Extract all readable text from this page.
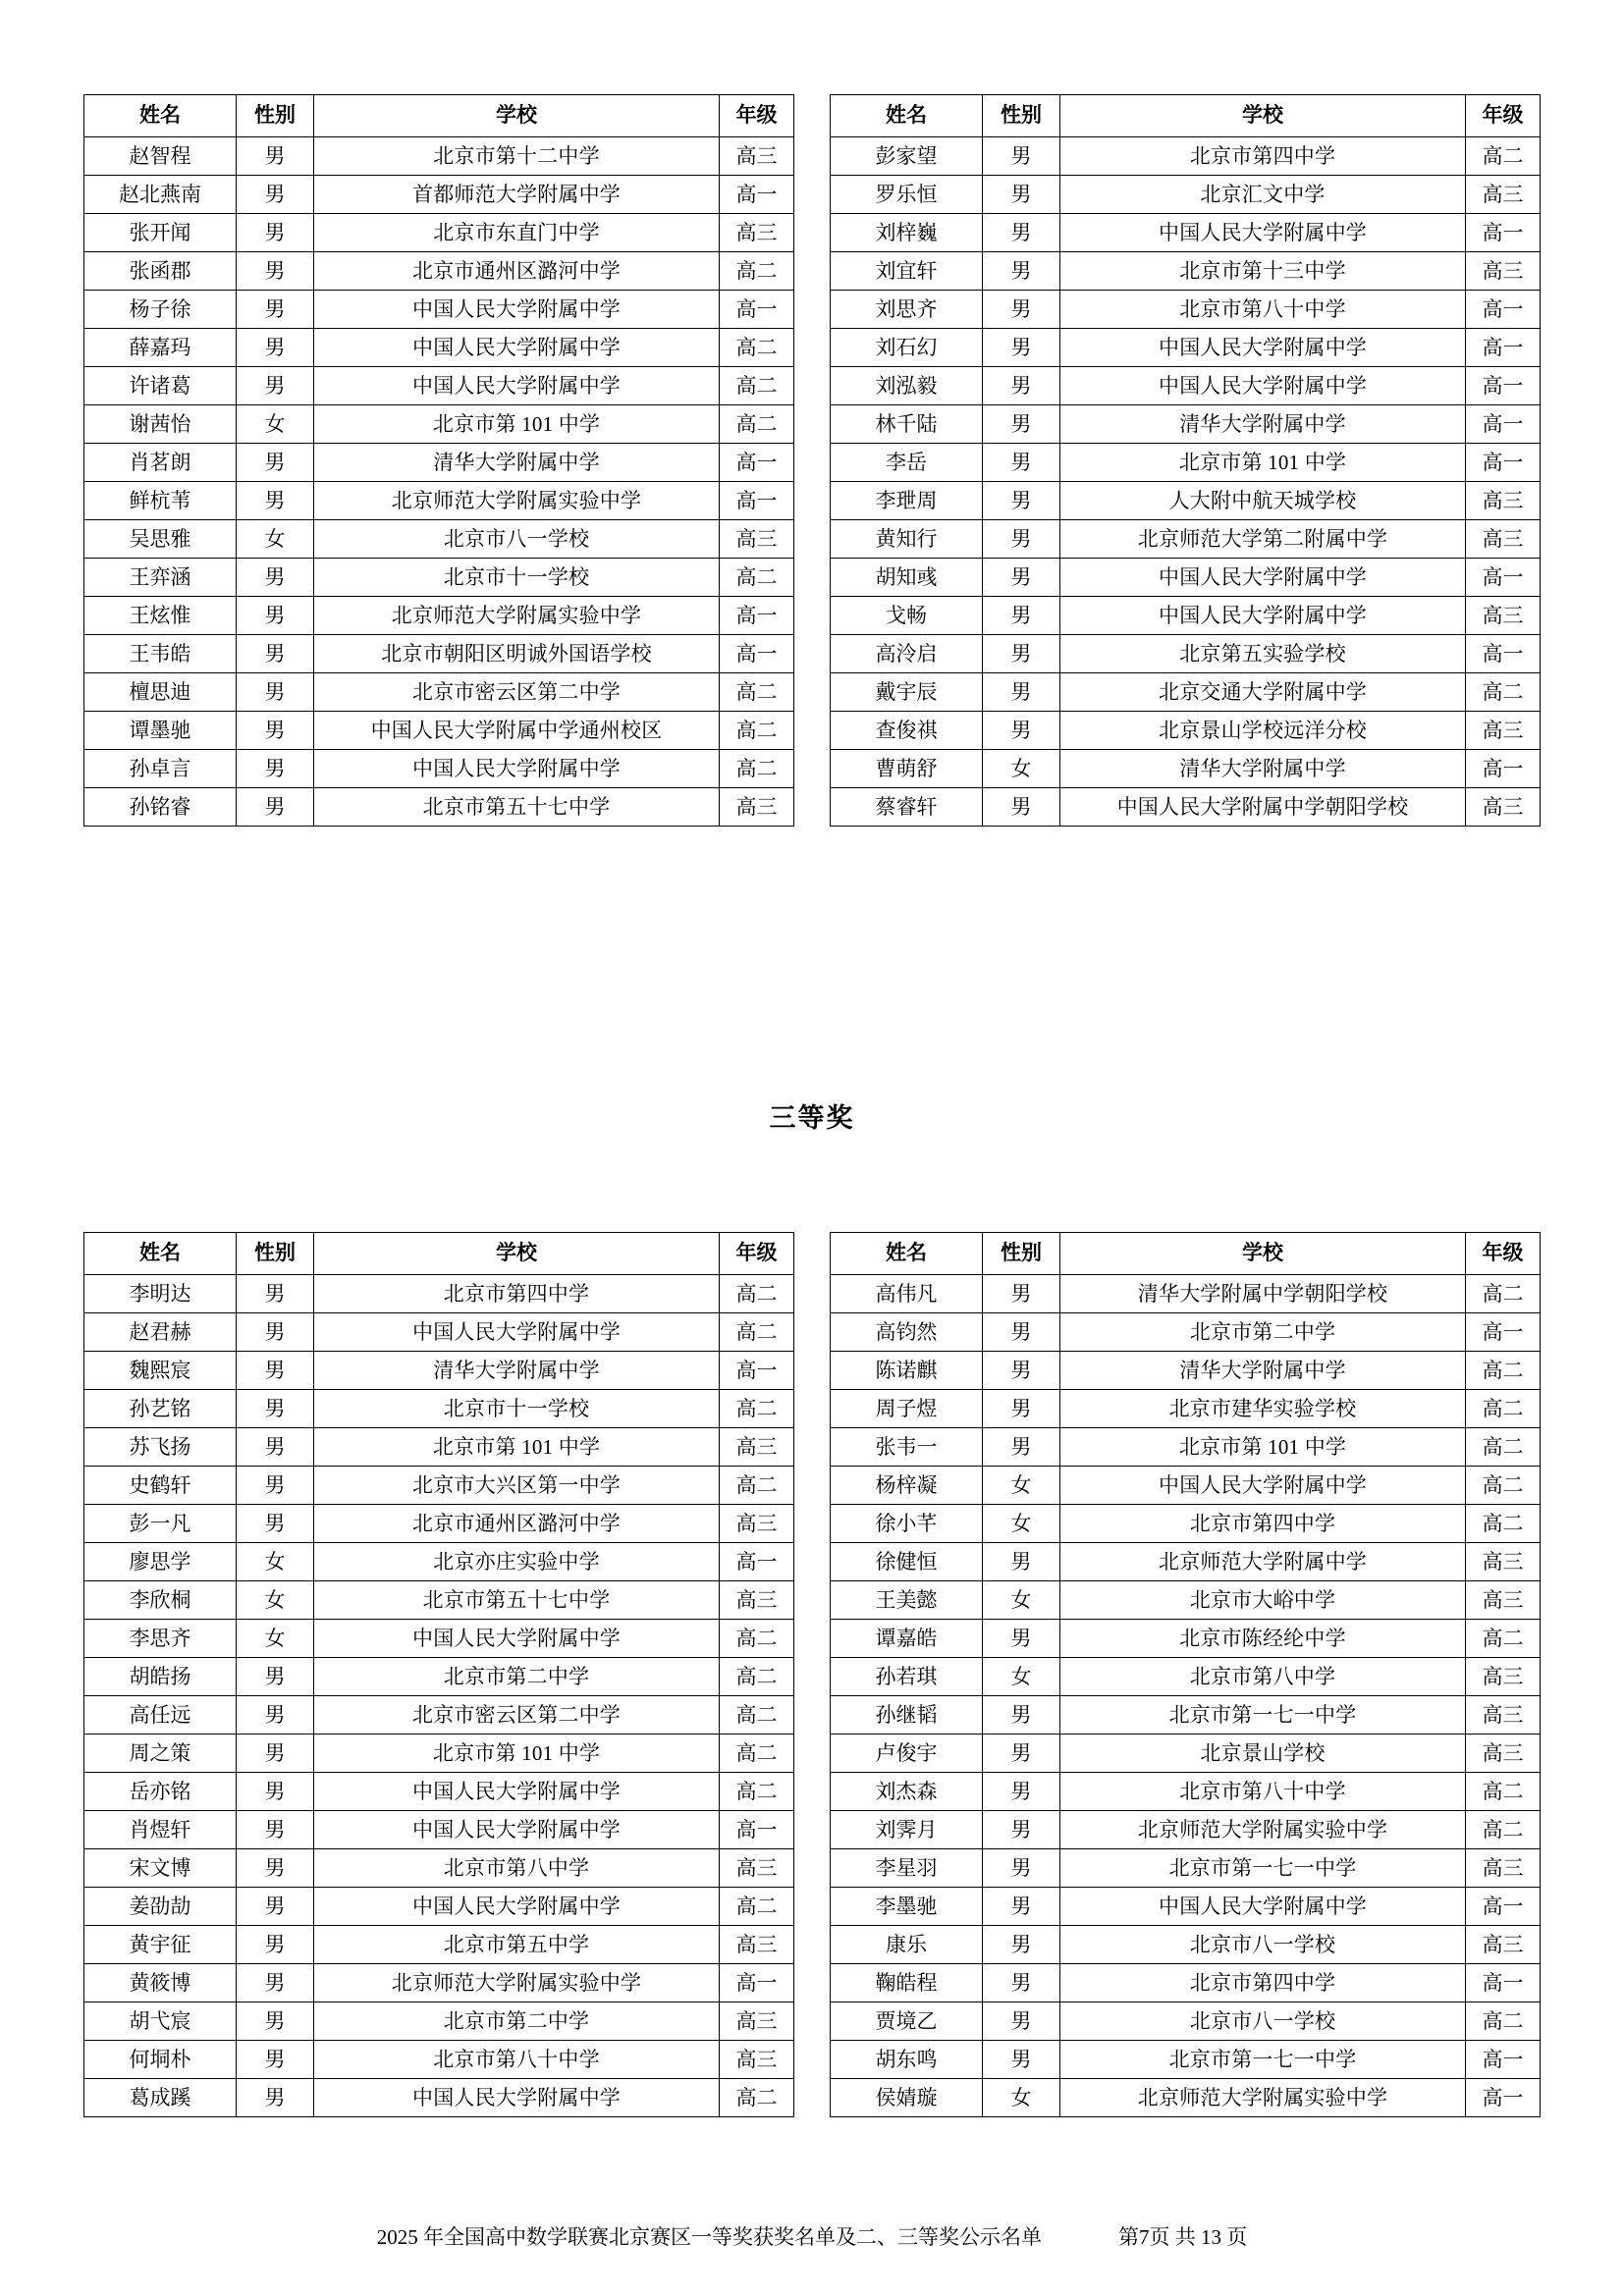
姓名	性别	学校	年级
赵智程	男	北京市第十二中学	高三
赵北燕南	男	首都师范大学附属中学	高一
张开闻	男	北京市东直门中学	高三
张函郡	男	北京市通州区潞河中学	高二
杨子徐	男	中国人民大学附属中学	高一
薛嘉玛	男	中国人民大学附属中学	高二
许诸葛	男	中国人民大学附属中学	高二
谢茜怡	女	北京市第 101 中学	高二
肖茗朗	男	清华大学附属中学	高一
鲜杭苇	男	北京师范大学附属实验中学	高一
吴思雅	女	北京市八一学校	高三
王弈涵	男	北京市十一学校	高二
王炫惟	男	北京师范大学附属实验中学	高一
王韦皓	男	北京市朝阳区明诚外国语学校	高一
檀思迪	男	北京市密云区第二中学	高二
谭墨驰	男	中国人民大学附属中学通州校区	高二
孙卓言	男	中国人民大学附属中学	高二
孙铭睿	男	北京市第五十七中学	高三
姓名	性别	学校	年级
彭家望	男	北京市第四中学	高二
罗乐恒	男	北京汇文中学	高三
刘梓巍	男	中国人民大学附属中学	高一
刘宜轩	男	北京市第十三中学	高三
刘思齐	男	北京市第八十中学	高一
刘石幻	男	中国人民大学附属中学	高一
刘泓毅	男	中国人民大学附属中学	高一
林千陆	男	清华大学附属中学	高一
李岳	男	北京市第 101 中学	高一
李玴周	男	人大附中航天城学校	高三
黄知行	男	北京师范大学第二附属中学	高三
胡知彧	男	中国人民大学附属中学	高一
戈畅	男	中国人民大学附属中学	高三
高泠启	男	北京第五实验学校	高一
戴宇辰	男	北京交通大学附属中学	高二
查俊祺	男	北京景山学校远洋分校	高三
曹萌舒	女	清华大学附属中学	高一
蔡睿轩	男	中国人民大学附属中学朝阳学校	高三
三等奖
姓名	性别	学校	年级
李明达	男	北京市第四中学	高二
赵君赫	男	中国人民大学附属中学	高二
魏熙宸	男	清华大学附属中学	高一
孙艺铭	男	北京市十一学校	高二
苏飞扬	男	北京市第 101 中学	高三
史鹤轩	男	北京市大兴区第一中学	高二
彭一凡	男	北京市通州区潞河中学	高三
廖思学	女	北京亦庄实验中学	高一
李欣桐	女	北京市第五十七中学	高三
李思齐	女	中国人民大学附属中学	高二
胡皓扬	男	北京市第二中学	高二
高任远	男	北京市密云区第二中学	高二
周之策	男	北京市第 101 中学	高二
岳亦铭	男	中国人民大学附属中学	高二
肖煜轩	男	中国人民大学附属中学	高一
宋文博	男	北京市第八中学	高三
姜劭劼	男	中国人民大学附属中学	高二
黄宇征	男	北京市第五中学	高三
黄筱博	男	北京师范大学附属实验中学	高一
胡弋宸	男	北京市第二中学	高三
何垌朴	男	北京市第八十中学	高三
葛成蹊	男	中国人民大学附属中学	高二
姓名	性别	学校	年级
高伟凡	男	清华大学附属中学朝阳学校	高二
高钧然	男	北京市第二中学	高一
陈诺麒	男	清华大学附属中学	高二
周子煜	男	北京市建华实验学校	高二
张韦一	男	北京市第 101 中学	高二
杨梓凝	女	中国人民大学附属中学	高二
徐小芊	女	北京市第四中学	高二
徐健恒	男	北京师范大学附属中学	高三
王美懿	女	北京市大峪中学	高三
谭嘉皓	男	北京市陈经纶中学	高二
孙若琪	女	北京市第八中学	高三
孙继韬	男	北京市第一七一中学	高三
卢俊宇	男	北京景山学校	高三
刘杰森	男	北京市第八十中学	高二
刘霁月	男	北京师范大学附属实验中学	高二
李星羽	男	北京市第一七一中学	高三
李墨驰	男	中国人民大学附属中学	高一
康乐	男	北京市八一学校	高三
鞠皓程	男	北京市第四中学	高一
贾境乙	男	北京市八一学校	高二
胡东鸣	男	北京市第一七一中学	高一
侯婧璇	女	北京师范大学附属实验中学	高一
2025 年全国高中数学联赛北京赛区一等奖获奖名单及二、三等奖公示名单	第7页 共 13 页
